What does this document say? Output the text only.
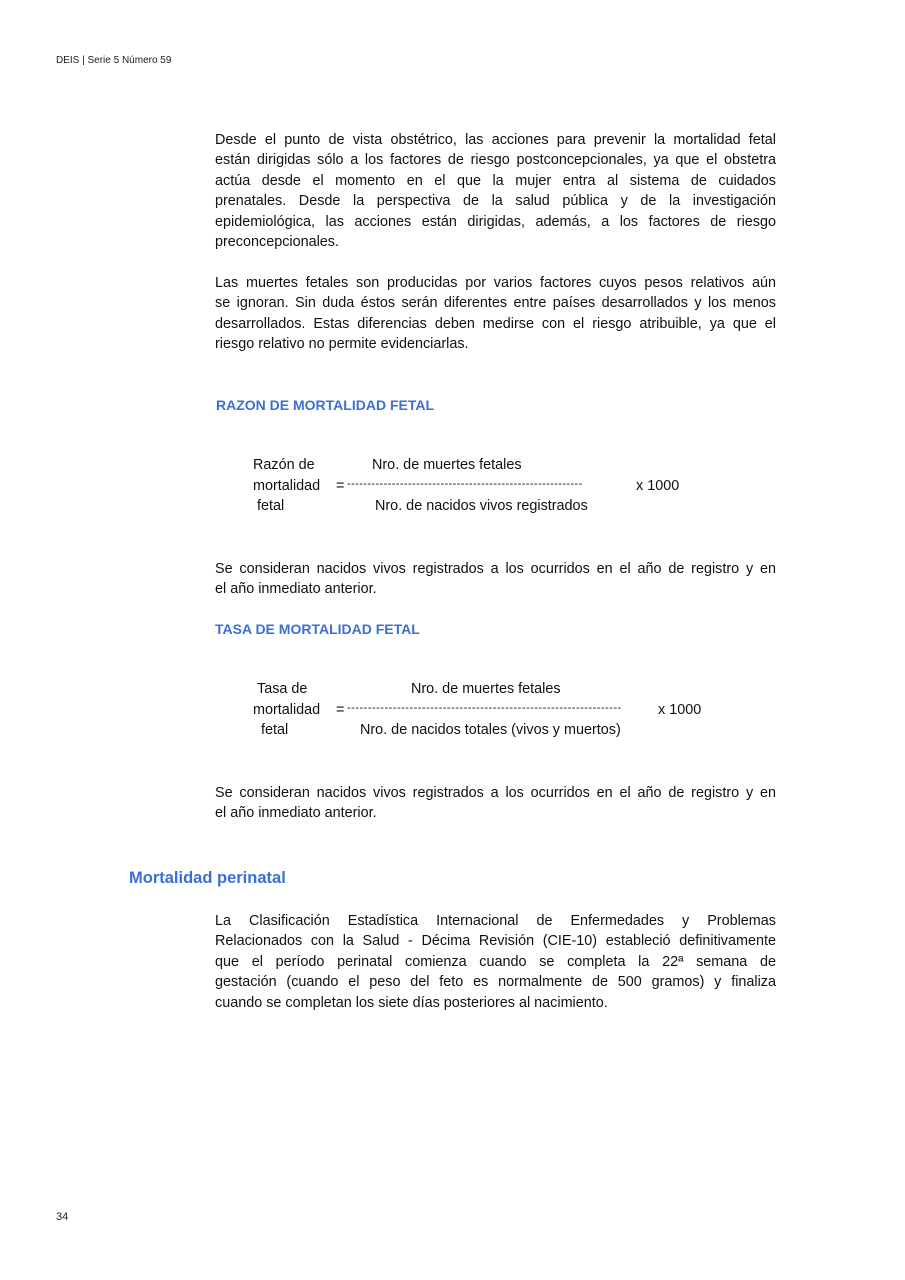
DEIS | Serie 5 Número 59
Desde el punto de vista obstétrico, las acciones para prevenir la mortalidad fetal
están dirigidas sólo a los factores de riesgo postconcepcionales, ya que el obstetra
actúa desde el momento en el que la mujer entra al sistema de cuidados
prenatales. Desde la perspectiva de la salud pública y de la investigación
epidemiológica, las acciones están dirigidas, además, a los factores de riesgo
preconcepcionales.
Las muertes fetales son producidas por varios factores cuyos pesos relativos aún
se ignoran. Sin duda éstos serán diferentes entre países desarrollados y los menos
desarrollados. Estas diferencias deben medirse con el riesgo atribuible, ya que el
riesgo relativo no permite evidenciarlas.
RAZON DE MORTALIDAD FETAL
Razón de	Nro. de muertes fetales
mortalidad = ----------------------------------------------------------	x 1000
fetal	Nro. de nacidos vivos registrados
Se consideran nacidos vivos registrados a los ocurridos en el año de registro y en
el año inmediato anterior.
TASA DE MORTALIDAD FETAL
Tasa de	Nro. de muertes fetales
mortalidad = ------------------------------------------------------------------	x 1000
fetal	Nro. de nacidos totales (vivos y muertos)
Se consideran nacidos vivos registrados a los ocurridos en el año de registro y en
el año inmediato anterior.
Mortalidad perinatal
La Clasificación Estadística Internacional de Enfermedades y Problemas
Relacionados con la Salud - Décima Revisión (CIE-10) estableció definitivamente
que el período perinatal comienza cuando se completa la 22ª semana de
gestación (cuando el peso del feto es normalmente de 500 gramos) y finaliza
cuando se completan los siete días posteriores al nacimiento.
34
